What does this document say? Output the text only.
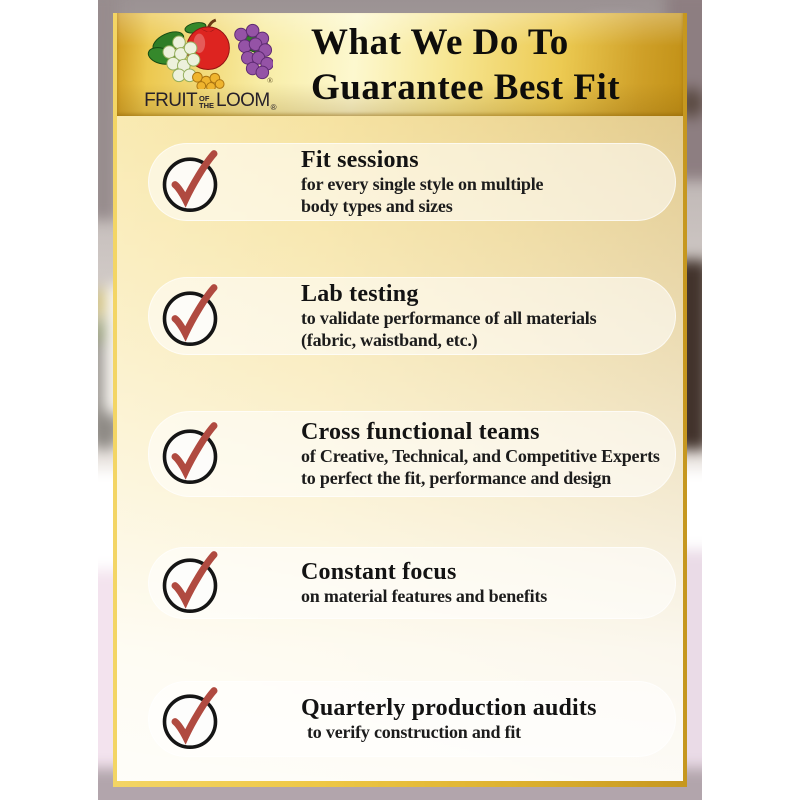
®
FRUIT OF
THE LOOM ®
What We Do To
Guarantee Best Fit
Fit sessions
for every single style on multiple
body types and sizes
Lab testing
to validate performance of all materials
(fabric, waistband, etc.)
Cross functional teams
of Creative, Technical, and Competitive Experts
to perfect the fit, performance and design
Constant focus
on material features and benefits
Quarterly production audits
to verify construction and fit
